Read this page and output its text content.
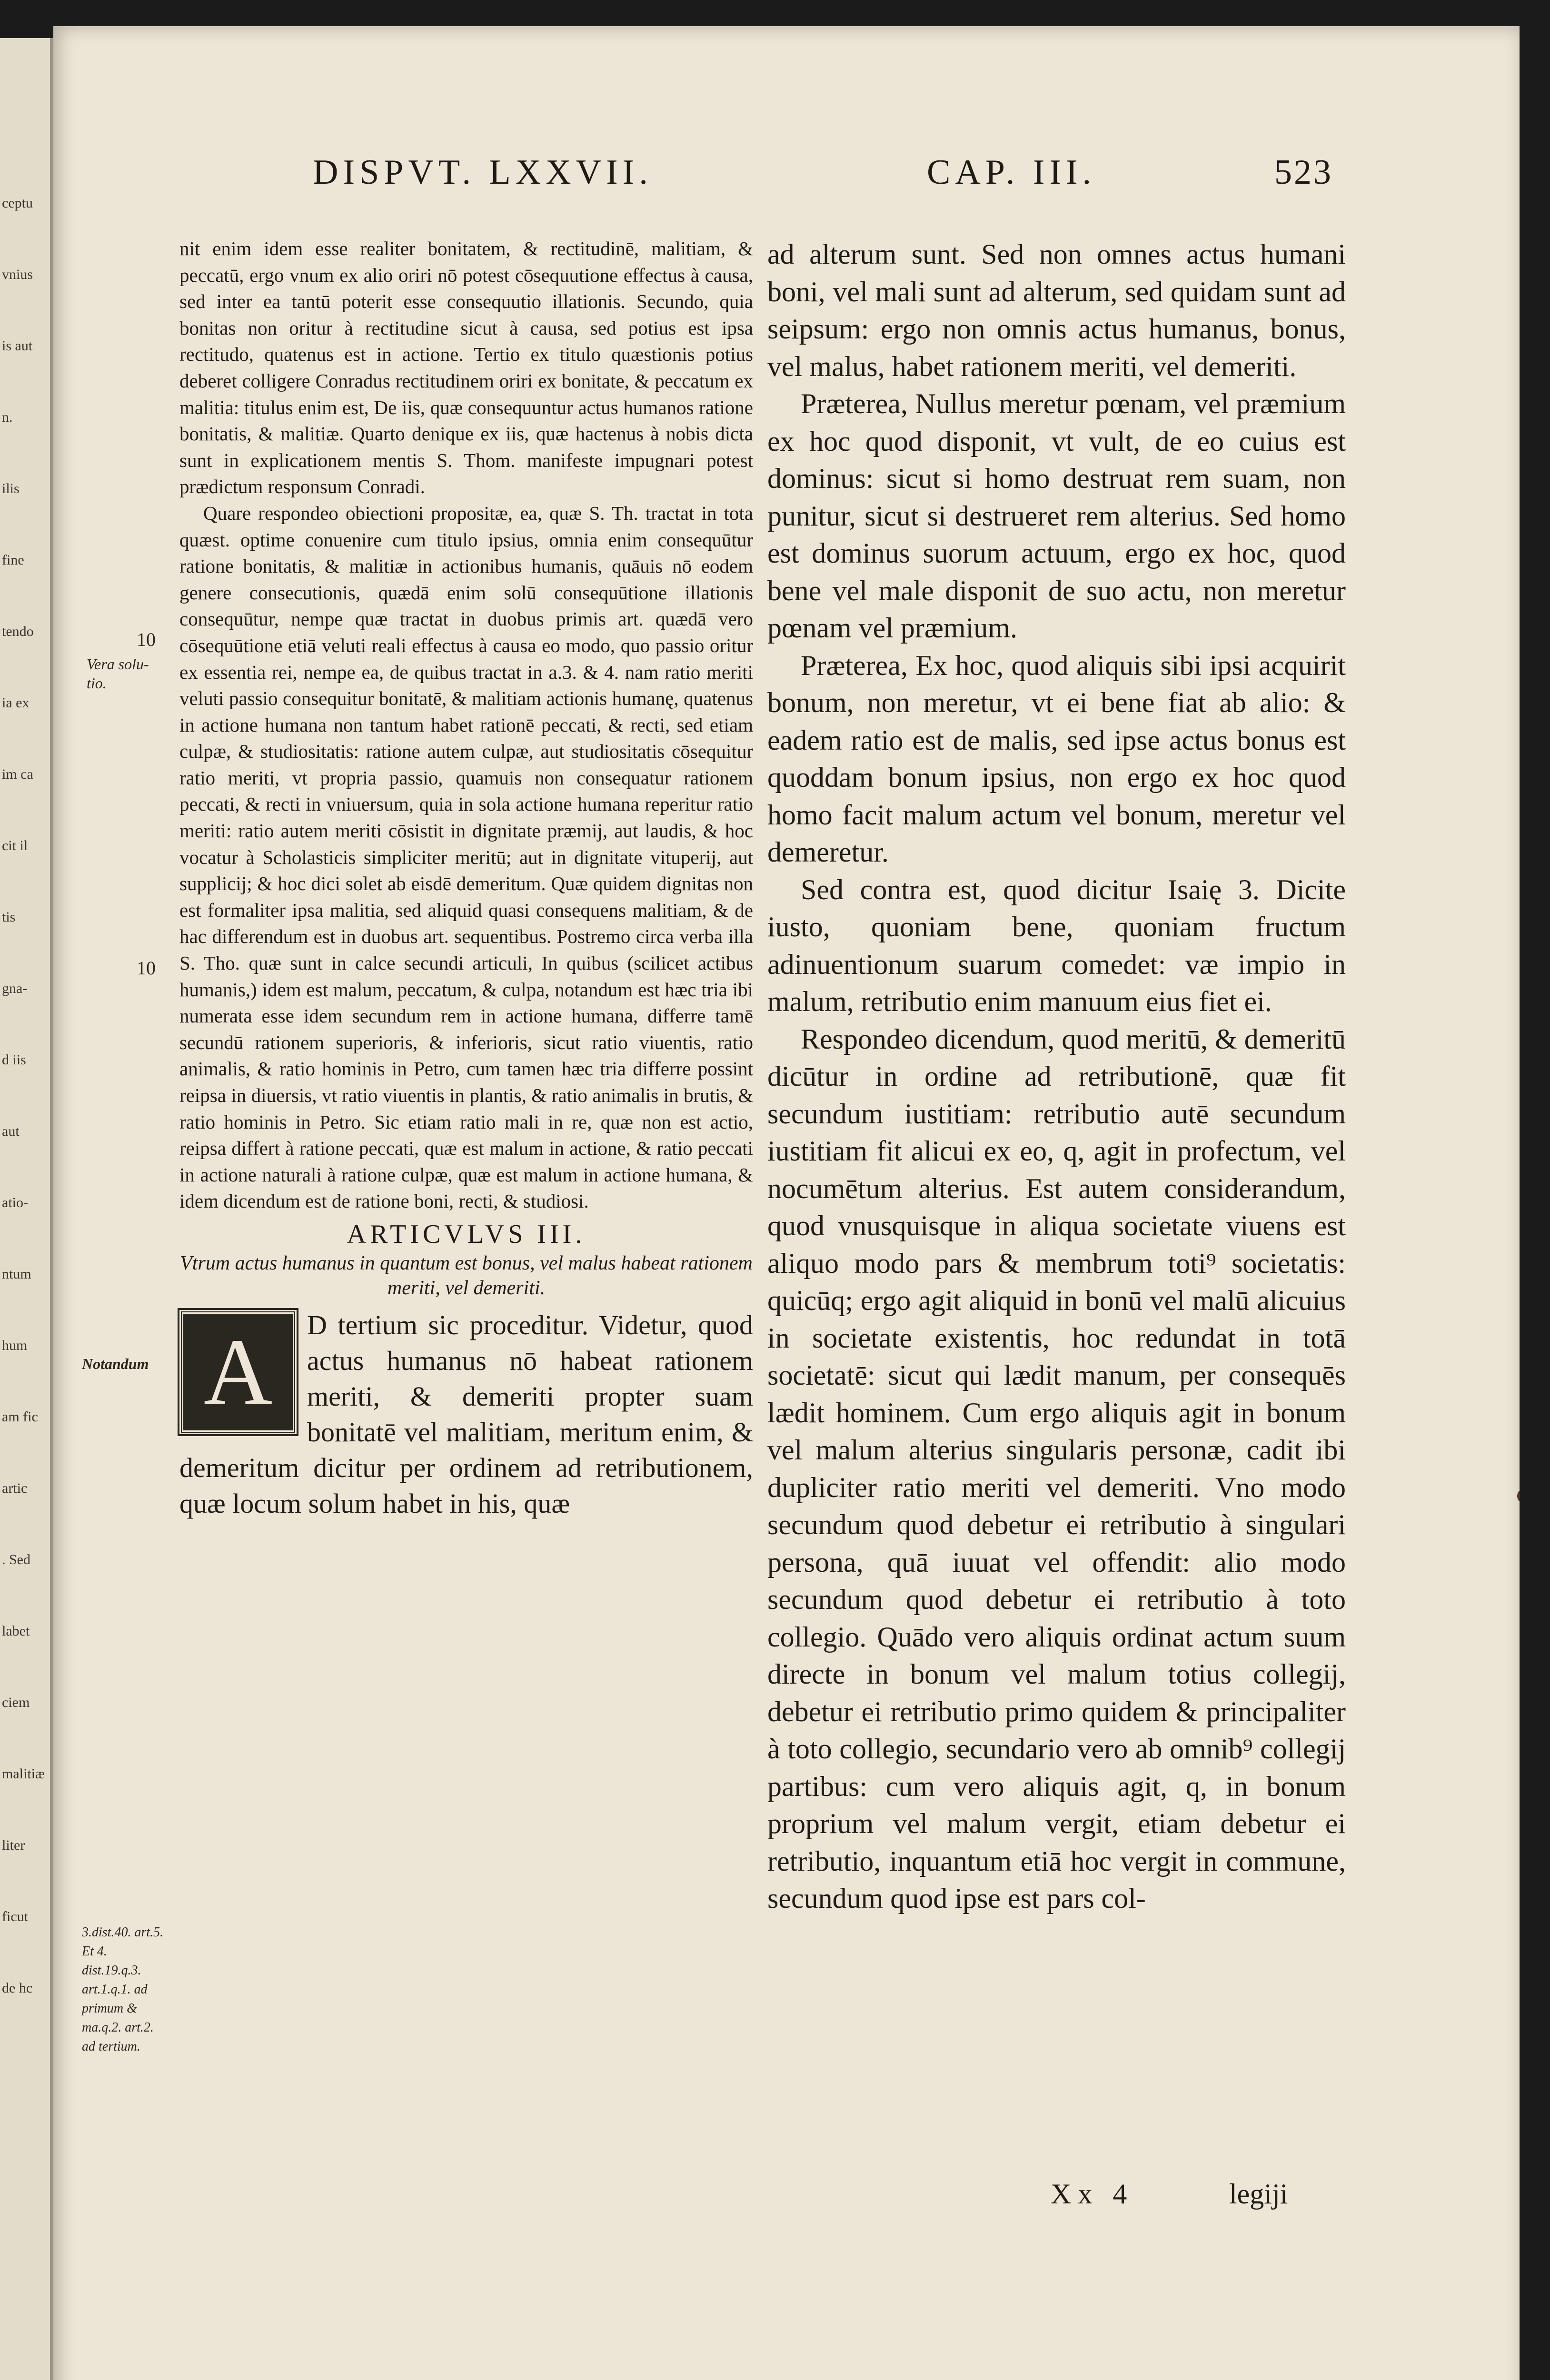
ceptu
vnius
is aut
n.
ilis
fine
tendo
ia ex
im ca
cit il
tis
gna-
d iis
aut
atio-
ntum
hum
am fic
artic
. Sed
labet
ciem
malitiæ
liter
ficut
de hc
DISPVT. LXXVII.	CAP. III.	523
10
Vera solu-tio.
10
Notandum
3.dist.40. art.5. Et 4. dist.19.q.3. art.1.q.1. ad primum & ma.q.2. art.2. ad tertium.

nit enim idem esse realiter bonitatem, & rectitudinē, malitiam, & peccatū, ergo vnum ex alio oriri nō potest cōsequutione effectus à causa, sed inter ea tantū poterit esse consequutio illationis. Secundo, quia bonitas non oritur à rectitudine sicut à causa, sed potius est ipsa rectitudo, quatenus est in actione. Tertio ex titulo quæstionis potius deberet colligere Conradus rectitudinem oriri ex bonitate, & peccatum ex malitia: titulus enim est, De iis, quæ consequuntur actus humanos ratione bonitatis, & malitiæ. Quarto denique ex iis, quæ hactenus à nobis dicta sunt in explicationem mentis S. Thom. manifeste impugnari potest prædictum responsum Conradi.

Quare respondeo obiectioni propositæ, ea, quæ S. Th. tractat in tota quæst. optime conuenire cum titulo ipsius, omnia enim consequūtur ratione bonitatis, & malitiæ in actionibus humanis, quāuis nō eodem genere consecutionis, quædā enim solū consequūtione illationis consequūtur, nempe quæ tractat in duobus primis art. quædā vero cōsequūtione etiā veluti reali effectus à causa eo modo, quo passio oritur ex essentia rei, nempe ea, de quibus tractat in a.3. & 4. nam ratio meriti veluti passio consequitur bonitatē, & malitiam actionis humanę, quatenus in actione humana non tantum habet rationē peccati, & recti, sed etiam culpæ, & studiositatis: ratione autem culpæ, aut studiositatis cōsequitur ratio meriti, vt propria passio, quamuis non consequatur rationem peccati, & recti in vniuersum, quia in sola actione humana reperitur ratio meriti: ratio autem meriti cōsistit in dignitate præmij, aut laudis, & hoc vocatur à Scholasticis simpliciter meritū; aut in dignitate vituperij, aut supplicij; & hoc dici solet ab eisdē demeritum. Quæ quidem dignitas non est formaliter ipsa malitia, sed aliquid quasi consequens malitiam, & de hac differendum est in duobus art. sequentibus. Postremo circa verba illa S. Tho. quæ sunt in calce secundi articuli, In quibus (scilicet actibus humanis,) idem est malum, peccatum, & culpa, notandum est hæc tria ibi numerata esse idem secundum rem in actione humana, differre tamē secundū rationem superioris, & inferioris, sicut ratio viuentis, ratio animalis, & ratio hominis in Petro, cum tamen hæc tria differre possint reipsa in diuersis, vt ratio viuentis in plantis, & ratio animalis in brutis, & ratio hominis in Petro. Sic etiam ratio mali in re, quæ non est actio, reipsa differt à ratione peccati, quæ est malum in actione, & ratio peccati in actione naturali à ratione culpæ, quæ est malum in actione humana, & idem dicendum est de ratione boni, recti, & studiosi.

ARTICVLVS III.
Vtrum actus humanus in quantum est bonus, vel malus habeat rationem meriti, vel demeriti.
A	D tertium sic proceditur. Videtur, quod actus humanus nō habeat rationem meriti, & demeriti propter suam bonitatē vel malitiam, meritum enim, & demeritum dicitur per ordinem ad retributionem, quæ locum solum habet in his, quæ

ad alterum sunt. Sed non omnes actus humani boni, vel mali sunt ad alterum, sed quidam sunt ad seipsum: ergo non omnis actus humanus, bonus, vel malus, habet rationem meriti, vel demeriti.

Præterea, Nullus meretur pœnam, vel præmium ex hoc quod disponit, vt vult, de eo cuius est dominus: sicut si homo destruat rem suam, non punitur, sicut si destrueret rem alterius. Sed homo est dominus suorum actuum, ergo ex hoc, quod bene vel male disponit de suo actu, non meretur pœnam vel præmium.

Præterea, Ex hoc, quod aliquis sibi ipsi acquirit bonum, non meretur, vt ei bene fiat ab alio: & eadem ratio est de malis, sed ipse actus bonus est quoddam bonum ipsius, non ergo ex hoc quod homo facit malum actum vel bonum, meretur vel demeretur.

Sed contra est, quod dicitur Isaię 3. Dicite iusto, quoniam bene, quoniam fructum adinuentionum suarum comedet: væ impio in malum, retributio enim manuum eius fiet ei.

Respondeo dicendum, quod meritū, & demeritū dicūtur in ordine ad retributionē, quæ fit secundum iustitiam: retributio autē secundum iustitiam fit alicui ex eo, q, agit in profectum, vel nocumētum alterius. Est autem considerandum, quod vnusquisque in aliqua societate viuens est aliquo modo pars & membrum toti⁹ societatis: quicūq; ergo agit aliquid in bonū vel malū alicuius in societate existentis, hoc redundat in totā societatē: sicut qui lædit manum, per consequēs lædit hominem. Cum ergo aliquis agit in bonum vel malum alterius singularis personæ, cadit ibi dupliciter ratio meriti vel demeriti. Vno modo secundum quod debetur ei retributio à singulari persona, quā iuuat vel offendit: alio modo secundum quod debetur ei retributio à toto collegio. Quādo vero aliquis ordinat actum suum directe in bonum vel malum totius collegij, debetur ei retributio primo quidem & principaliter à toto collegio, secundario vero ab omnib⁹ collegij partibus: cum vero aliquis agit, q, in bonum proprium vel malum vergit, etiam debetur ei retributio, inquantum etiā hoc vergit in commune, secundum quod ipse est pars col-

Xx 4	legiji
